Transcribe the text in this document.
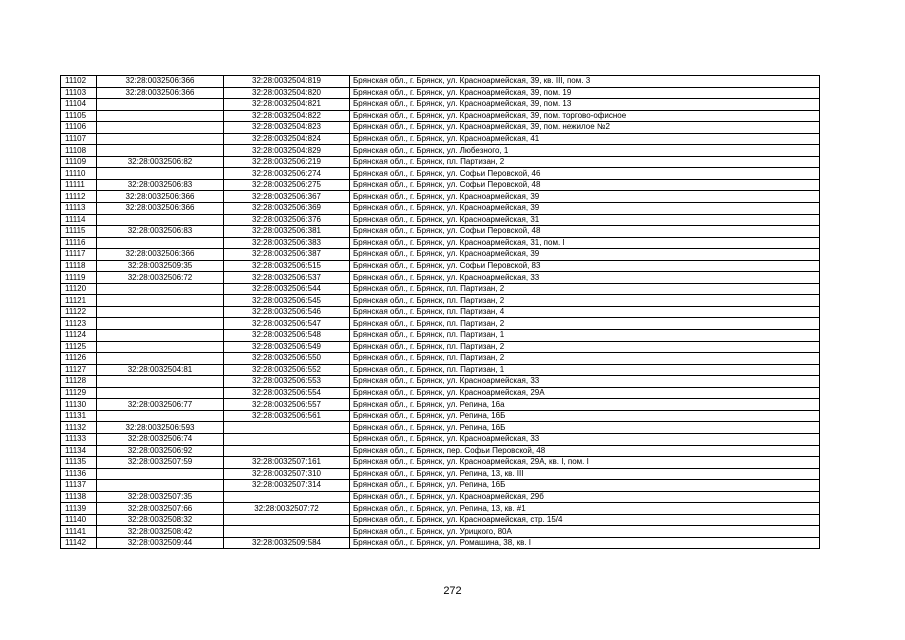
11102	32:28:0032506:366	32:28:0032504:819	Брянская обл., г. Брянск, ул. Красноармейская, 39, кв. III, пом. 3
11103	32:28:0032506:366	32:28:0032504:820	Брянская обл., г. Брянск, ул. Красноармейская, 39, пом. 19
11104		32:28:0032504:821	Брянская обл., г. Брянск, ул. Красноармейская, 39, пом. 13
11105		32:28:0032504:822	Брянская обл., г. Брянск, ул. Красноармейская, 39, пом. торгово-офисное
11106		32:28:0032504:823	Брянская обл., г. Брянск, ул. Красноармейская, 39, пом. нежилое №2
11107		32:28:0032504:824	Брянская обл., г. Брянск, ул. Красноармейская, 41
11108		32:28:0032504:829	Брянская обл., г. Брянск, ул. Любезного, 1
11109	32:28:0032506:82	32:28:0032506:219	Брянская обл., г. Брянск, пл. Партизан, 2
11110		32:28:0032506:274	Брянская обл., г. Брянск, ул. Софьи Перовской, 46
11111	32:28:0032506:83	32:28:0032506:275	Брянская обл., г. Брянск, ул. Софьи Перовской, 48
11112	32:28:0032506:366	32:28:0032506:367	Брянская обл., г. Брянск, ул. Красноармейская, 39
11113	32:28:0032506:366	32:28:0032506:369	Брянская обл., г. Брянск, ул. Красноармейская, 39
11114		32:28:0032506:376	Брянская обл., г. Брянск, ул. Красноармейская, 31
11115	32:28:0032506:83	32:28:0032506:381	Брянская обл., г. Брянск, ул. Софьи Перовской, 48
11116		32:28:0032506:383	Брянская обл., г. Брянск, ул. Красноармейская, 31, пом. I
11117	32:28:0032506:366	32:28:0032506:387	Брянская обл., г. Брянск, ул. Красноармейская, 39
11118	32:28:0032509:35	32:28:0032506:515	Брянская обл., г. Брянск, ул. Софьи Перовской, 83
11119	32:28:0032506:72	32:28:0032506:537	Брянская обл., г. Брянск, ул. Красноармейская, 33
11120		32:28:0032506:544	Брянская обл., г. Брянск, пл. Партизан, 2
11121		32:28:0032506:545	Брянская обл., г. Брянск, пл. Партизан, 2
11122		32:28:0032506:546	Брянская обл., г. Брянск, пл. Партизан, 4
11123		32:28:0032506:547	Брянская обл., г. Брянск, пл. Партизан, 2
11124		32:28:0032506:548	Брянская обл., г. Брянск, пл. Партизан, 1
11125		32:28:0032506:549	Брянская обл., г. Брянск, пл. Партизан, 2
11126		32:28:0032506:550	Брянская обл., г. Брянск, пл. Партизан, 2
11127	32:28:0032504:81	32:28:0032506:552	Брянская обл., г. Брянск, пл. Партизан, 1
11128		32:28:0032506:553	Брянская обл., г. Брянск, ул. Красноармейская, 33
11129		32:28:0032506:554	Брянская обл., г. Брянск, ул. Красноармейская, 29А
11130	32:28:0032506:77	32:28:0032506:557	Брянская обл., г. Брянск, ул. Репина, 16а
11131		32:28:0032506:561	Брянская обл., г. Брянск, ул. Репина, 16Б
11132	32:28:0032506:593		Брянская обл., г. Брянск, ул. Репина, 16Б
11133	32:28:0032506:74		Брянская обл., г. Брянск, ул. Красноармейская, 33
11134	32:28:0032506:92		Брянская обл., г. Брянск, пер. Софьи Перовской, 48
11135	32:28:0032507:59	32:28:0032507:161	Брянская обл., г. Брянск, ул. Красноармейская, 29А, кв. I, пом. I
11136		32:28:0032507:310	Брянская обл., г. Брянск, ул. Репина, 13, кв. III
11137		32:28:0032507:314	Брянская обл., г. Брянск, ул. Репина, 16Б
11138	32:28:0032507:35		Брянская обл., г. Брянск, ул. Красноармейская, 29б
11139	32:28:0032507:66	32:28:0032507:72	Брянская обл., г. Брянск, ул. Репина, 13, кв. #1
11140	32:28:0032508:32		Брянская обл., г. Брянск, ул. Красноармейская, стр. 15/4
11141	32:28:0032508:42		Брянская обл., г. Брянск, ул. Урицкого, 80А
11142	32:28:0032509:44	32:28:0032509:584	Брянская обл., г. Брянск, ул. Ромашина, 38, кв. I
272
